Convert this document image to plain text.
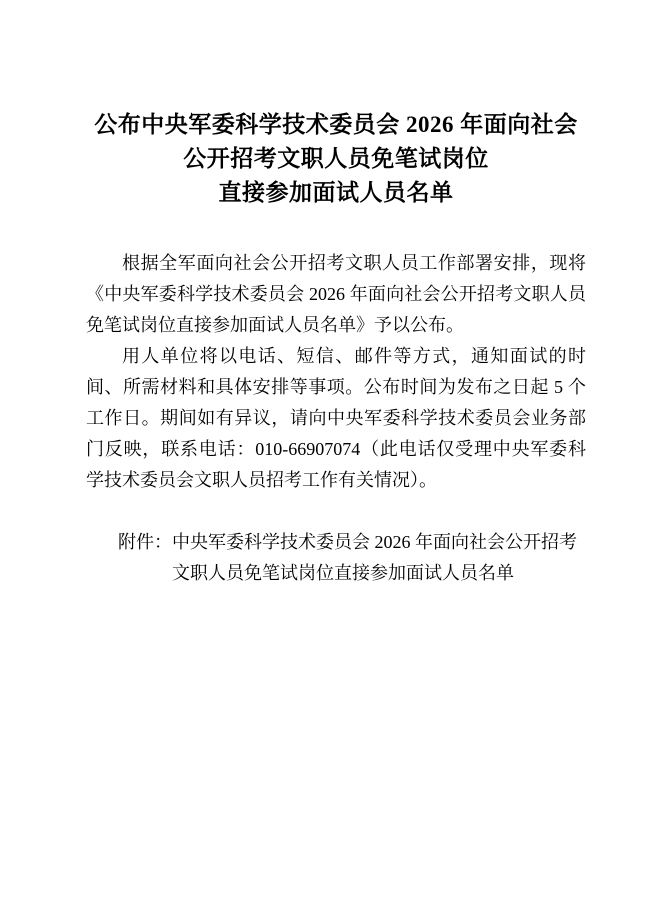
公布中央军委科学技术委员会 2026 年面向社会
公开招考文职人员免笔试岗位
直接参加面试人员名单

根据全军面向社会公开招考文职人员工作部署安排，现将《中央军委科学技术委员会 2026 年面向社会公开招考文职人员免笔试岗位直接参加面试人员名单》予以公布。

用人单位将以电话、短信、邮件等方式，通知面试的时间、所需材料和具体安排等事项。公布时间为发布之日起 5 个工作日。期间如有异议，请向中央军委科学技术委员会业务部门反映，联系电话：010-66907074（此电话仅受理中央军委科学技术委员会文职人员招考工作有关情况）。

附件： 中央军委科学技术委员会 2026 年面向社会公开招考文职人员免笔试岗位直接参加面试人员名单
